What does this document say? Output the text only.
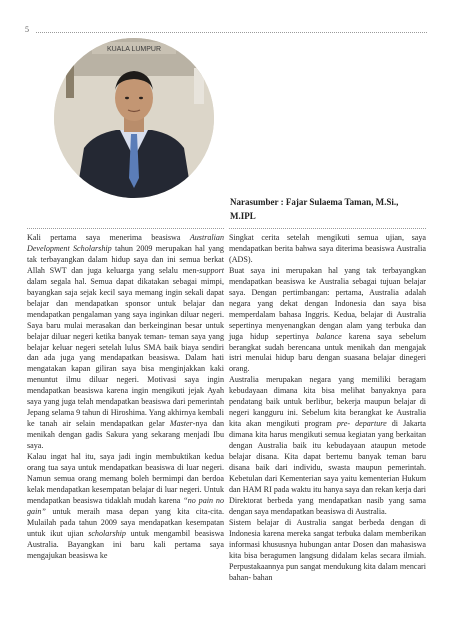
5
KUALA LUMPUR
Narasumber : Fajar Sulaema Taman, M.Si.,
M.IPL

Kali pertama saya menerima beasiswa Australian Development Scholarship tahun 2009 merupakan hal yang tak terbayangkan dalam hidup saya dan ini semua berkat Allah SWT dan juga keluarga yang selalu men-support dalam segala hal. Semua dapat dikatakan sebagai mimpi, bayangkan saja sejak kecil saya memang ingin sekali dapat belajar dan mendapatkan sponsor untuk belajar dan mendapatkan pengalaman yang saya inginkan diluar negeri. Saya baru mulai merasakan dan berkeinginan besar untuk belajar diluar negeri ketika banyak teman- teman saya yang belajar keluar negeri setelah lulus SMA baik biaya sendiri dan ada juga yang mendapatkan beasiswa. Dalam hati mengatakan kapan giliran saya bisa menginjakkan kaki menuntut ilmu diluar negeri. Motivasi saya ingin mendapatkan beasiswa karena ingin mengikuti jejak Ayah saya yang juga telah mendapatkan beasiswa dari pemerintah Jepang selama 9 tahun di Hiroshima. Yang akhirnya kembali ke tanah air selain mendapatkan gelar Master-nya dan menikah dengan gadis Sakura yang sekarang menjadi Ibu saya.

Kalau ingat hal itu, saya jadi ingin membuktikan kedua orang tua saya untuk mendapatkan beasiswa di luar negeri. Namun semua orang memang boleh bermimpi dan berdoa kelak mendapatkan kesempatan belajar di luar negeri. Untuk mendapatkan beasiswa tidaklah mudah karena “no pain no gain” untuk meraih masa depan yang kita cita-cita. Mulailah pada tahun 2009 saya mendapatkan kesempatan untuk ikut ujian scholarship untuk mengambil beasiswa Australia. Bayangkan ini baru kali pertama saya mengajukan beasiswa ke

Singkat cerita setelah mengikuti semua ujian, saya mendapatkan berita bahwa saya diterima beasiswa Australia (ADS).

Buat saya ini merupakan hal yang tak terbayangkan mendapatkan beasiswa ke Australia sebagai tujuan belajar saya. Dengan pertimbangan: pertama, Australia adalah negara yang dekat dengan Indonesia dan saya bisa memperdalam bahasa Inggris. Kedua, belajar di Australia sepertinya menyenangkan dengan alam yang terbuka dan juga hidup sepertinya balance karena saya sebelum berangkat sudah berencana untuk menikah dan mengajak istri menulai hidup baru dengan suasana belajar dinegeri orang.

Australia merupakan negara yang memiliki beragam kebudayaan dimana kita bisa melihat banyaknya para pendatang baik untuk berlibur, bekerja maupun belajar di negeri kangguru ini. Sebelum kita berangkat ke Australia kita akan mengikuti program pre- departure di Jakarta dimana kita harus mengikuti semua kegiatan yang berkaitan dengan Australia baik itu kebudayaan ataupun metode belajar disana. Kita dapat bertemu banyak teman baru disana baik dari individu, swasta maupun pemerintah. Kebetulan dari Kementerian saya yaitu kementerian Hukum dan HAM RI pada waktu itu hanya saya dan rekan kerja dari Direktorat berbeda yang mendapatkan nasib yang sama dengan saya mendapatkan beasiswa di Australia.

Sistem belajar di Australia sangat berbeda dengan di Indonesia karena mereka sangat terbuka dalam memberikan informasi khususnya hubungan antar Dosen dan mahasiswa kita bisa beragumen langsung didalam kelas secara ilmiah. Perpustakaannya pun sangat mendukung kita dalam mencari bahan- bahan
